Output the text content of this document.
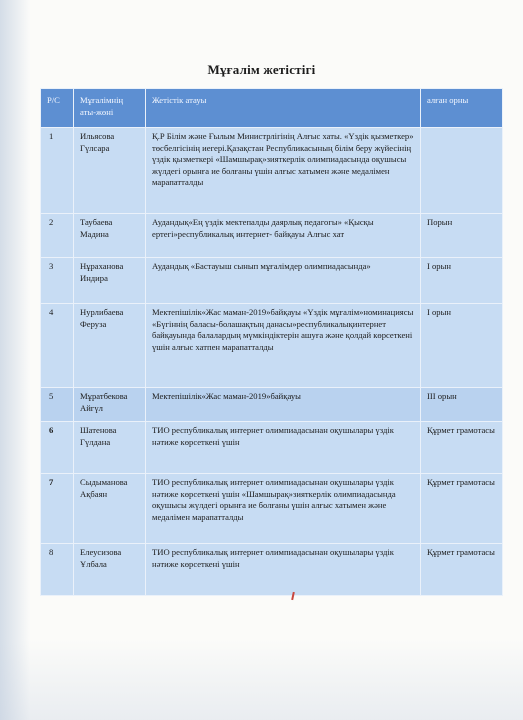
Мұғалім жетістігі
Р/С	Мұғалімнің аты-жөні	Жетістік атауы	алған орны
1	Ильясова Гүлсара	Қ.Р Білім және Ғылым Министрлігінің Алғыс хаты. «Үздік қызметкер» төсбелгісінің иегері.Қазақстан Республикасының білім беру жүйесінің үздік қызметкері «Шамшырақ»зияткерлік олимпиадасында оқушысы жүлдегі орынға ие болғаны үшін алғыс хатымен және медалімен марапатталды	
2	Таубаева Мадина	Аудандық«Ең үздік мектепалды даярлық педагогы» «Қысқы ертегі»республикалық интернет- байқауы Алғыс хат	Порын
3	Нұраханова Индира	Аудандық «Бастауыш сынып мұғалімдер олимпиадасында»	І орын
4	Нурлибаева Феруза	Мектепішілік«Жас маман-2019»байқауы «Үздік мұғалім»номинациясы «Бүгіннің баласы-болашақтың данасы»республикалықинтернет байқауында балалардың мүмкіндіктерін ашуға және қолдай көрсеткені үшін алғыс хатпен марапатталды	І орын
5	Мұратбекова Айгүл	Мектепішілік«Жас маман-2019»байқауы	ІІІ орын
6	Шатенова Гүлдана	ТИО республикалық интернет олимпиадасынан оқушылары үздік нәтиже көрсеткені үшін	Құрмет грамотасы
7	Сыдыманова Ақбаян	ТИО республикалық интернет олимпиадасынан оқушылары үздік нәтиже көрсеткені үшін «Шамшырақ»зияткерлік олимпиадасында оқушысы жүлдегі орынға ие болғаны үшін алғыс хатымен және медалімен марапатталды	Құрмет грамотасы
8	Елеусизова Ұлбала	ТИО республикалық интернет олимпиадасынан оқушылары үздік нәтиже көрсеткені үшін	Құрмет грамотасы
